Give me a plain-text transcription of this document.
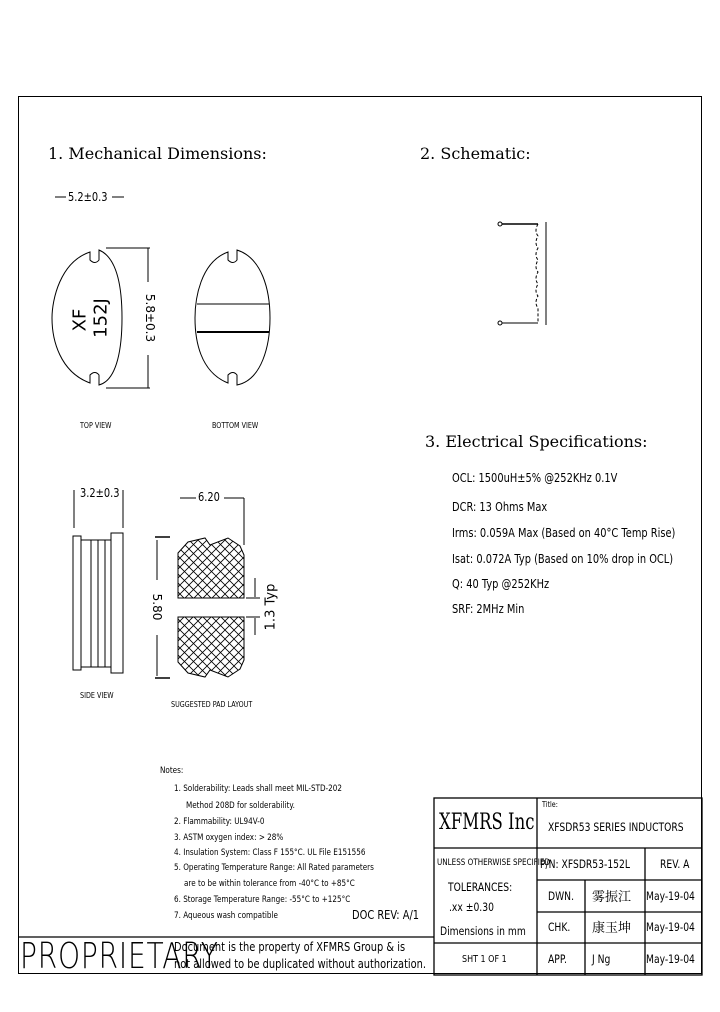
1. Mechanical Dimensions:	2. Schematic:
3. Electrical Specifications:
5.2±0.3
5.8±0.3
XF 152J
TOP VIEW	BOTTOM VIEW
3.2±0.3	6.20
5.80	1.3 Typ
SIDE VIEW
SUGGESTED PAD LAYOUT
OCL: 1500uH±5% @252KHz 0.1V
DCR: 13 Ohms Max
Irms: 0.059A Max (Based on 40°C Temp Rise)
Isat: 0.072A Typ (Based on 10% drop in OCL)
Q: 40 Typ @252KHz
SRF: 2MHz Min
Notes:
1. Solderability: Leads shall meet MIL-STD-202
Method 208D for solderability.
2. Flammability: UL94V-0
3. ASTM oxygen index: > 28%
4. Insulation System: Class F 155°C. UL File E151556
5. Operating Temperature Range: All Rated parameters
are to be within tolerance from -40°C to +85°C
6. Storage Temperature Range: -55°C to +125°C
7. Aqueous wash compatible	DOC REV: A/1
PROPRIETARY
Document is the property of XFMRS Group & is
not allowed to be duplicated without authorization.
XFMRS Inc
Title:
XFSDR53 SERIES INDUCTORS
UNLESS OTHERWISE SPECIFIED
TOLERANCES:
.xx ±0.30
Dimensions in mm
SHT 1 OF 1
P/N: XFSDR53-152L	REV. A
DWN. 雾振江 May-19-04
CHK. 康玉坤 May-19-04
APP. J Ng	May-19-04
